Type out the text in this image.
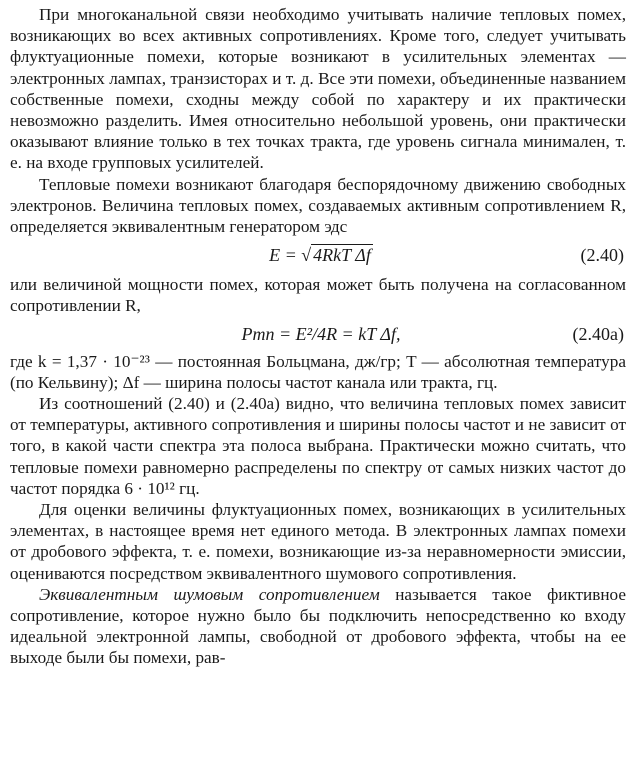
При многоканальной связи необходимо учитывать наличие тепловых помех, возникающих во всех активных сопротивлениях. Кроме того, следует учитывать флуктуационные помехи, которые возникают в усилительных элементах — электронных лампах, транзисторах и т. д. Все эти помехи, объединенные названием собственные помехи, сходны между собой по характеру и их практически невозможно разделить. Имея относительно небольшой уровень, они практически оказывают влияние только в тех точках тракта, где уровень сигнала минимален, т. е. на входе групповых усилителей.

Тепловые помехи возникают благодаря беспорядочному движению свободных электронов. Величина тепловых помех, создаваемых активным сопротивлением R, определяется эквивалентным генератором эдс

E = √ 4RkT Δf	(2.40)

или величиной мощности помех, которая может быть получена на согласованном сопротивлении R,

Pтп = E²/4R = kT Δf,	(2.40а)

где k = 1,37 · 10⁻²³ — постоянная Больцмана, дж/гр; T — абсолютная температура (по Кельвину); Δf — ширина полосы частот канала или тракта, гц.

Из соотношений (2.40) и (2.40а) видно, что величина тепловых помех зависит от температуры, активного сопротивления и ширины полосы частот и не зависит от того, в какой части спектра эта полоса выбрана. Практически можно считать, что тепловые помехи равномерно распределены по спектру от самых низких частот до частот порядка 6 · 10¹² гц.

Для оценки величины флуктуационных помех, возникающих в усилительных элементах, в настоящее время нет единого метода. В электронных лампах помехи от дробового эффекта, т. е. помехи, возникающие из-за неравномерности эмиссии, оцениваются посредством эквивалентного шумового сопротивления.

Эквивалентным шумовым сопротивлением называется такое фиктивное сопротивление, которое нужно было бы подключить непосредственно ко входу идеальной электронной лампы, свободной от дробового эффекта, чтобы на ее выходе были бы помехи, рав-
